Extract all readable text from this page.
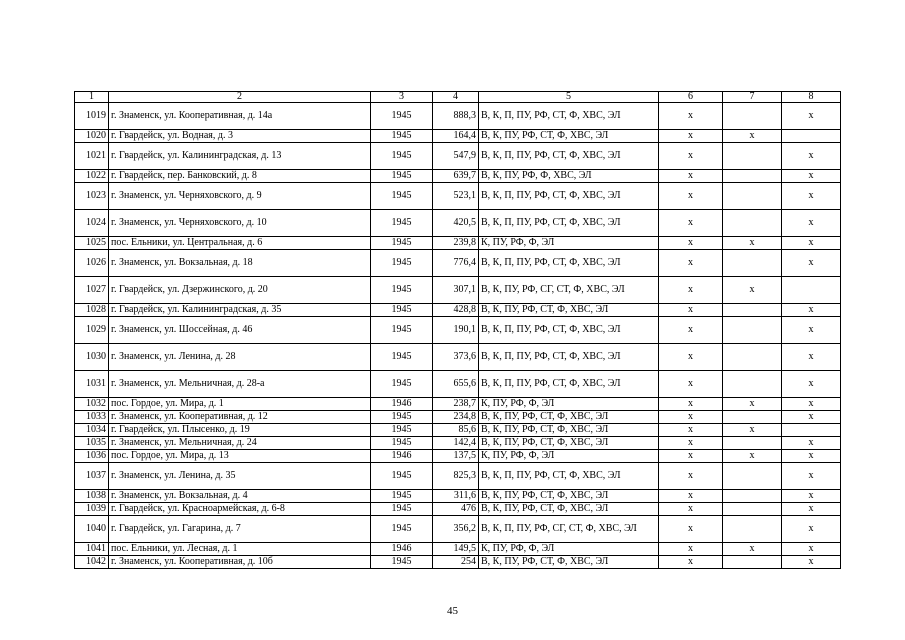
1	2	3	4	5	6	7	8
1019	г. Знаменск, ул. Кооперативная, д. 14а	1945	888,3	В, К, П, ПУ, РФ, СТ, Ф, ХВС, ЭЛ	х		х
1020	г. Гвардейск, ул. Водная, д. 3	1945	164,4	В, К, ПУ, РФ, СТ, Ф, ХВС, ЭЛ	х	х	
1021	г. Гвардейск, ул. Калининградская, д. 13	1945	547,9	В, К, П, ПУ, РФ, СТ, Ф, ХВС, ЭЛ	х		х
1022	г. Гвардейск, пер. Банковский, д. 8	1945	639,7	В, К, ПУ, РФ, Ф, ХВС, ЭЛ	х		х
1023	г. Знаменск, ул. Черняховского, д. 9	1945	523,1	В, К, П, ПУ, РФ, СТ, Ф, ХВС, ЭЛ	х		х
1024	г. Знаменск, ул. Черняховского, д. 10	1945	420,5	В, К, П, ПУ, РФ, СТ, Ф, ХВС, ЭЛ	х		х
1025	пос. Ельники, ул. Центральная, д. 6	1945	239,8	К, ПУ, РФ, Ф, ЭЛ	х	х	х
1026	г. Знаменск, ул. Вокзальная, д. 18	1945	776,4	В, К, П, ПУ, РФ, СТ, Ф, ХВС, ЭЛ	х		х
1027	г. Гвардейск, ул. Дзержинского, д. 20	1945	307,1	В, К, ПУ, РФ, СГ, СТ, Ф, ХВС, ЭЛ	х	х	
1028	г. Гвардейск, ул. Калининградская, д. 35	1945	428,8	В, К, ПУ, РФ, СТ, Ф, ХВС, ЭЛ	х		х
1029	г. Знаменск, ул. Шоссейная, д. 46	1945	190,1	В, К, П, ПУ, РФ, СТ, Ф, ХВС, ЭЛ	х		х
1030	г. Знаменск, ул. Ленина, д. 28	1945	373,6	В, К, П, ПУ, РФ, СТ, Ф, ХВС, ЭЛ	х		х
1031	г. Знаменск, ул. Мельничная, д. 28-а	1945	655,6	В, К, П, ПУ, РФ, СТ, Ф, ХВС, ЭЛ	х		х
1032	пос. Гордое, ул. Мира, д. 1	1946	238,7	К, ПУ, РФ, Ф, ЭЛ	х	х	х
1033	г. Знаменск, ул. Кооперативная, д. 12	1945	234,8	В, К, ПУ, РФ, СТ, Ф, ХВС, ЭЛ	х		х
1034	г. Гвардейск, ул. Плысенко, д. 19	1945	85,6	В, К, ПУ, РФ, СТ, Ф, ХВС, ЭЛ	х	х	
1035	г. Знаменск, ул. Мельничная, д. 24	1945	142,4	В, К, ПУ, РФ, СТ, Ф, ХВС, ЭЛ	х		х
1036	пос. Гордое, ул. Мира, д. 13	1946	137,5	К, ПУ, РФ, Ф, ЭЛ	х	х	х
1037	г. Знаменск, ул. Ленина, д. 35	1945	825,3	В, К, П, ПУ, РФ, СТ, Ф, ХВС, ЭЛ	х		х
1038	г. Знаменск, ул. Вокзальная, д. 4	1945	311,6	В, К, ПУ, РФ, СТ, Ф, ХВС, ЭЛ	х		х
1039	г. Гвардейск, ул. Красноармейская, д. 6-8	1945	476	В, К, ПУ, РФ, СТ, Ф, ХВС, ЭЛ	х		х
1040	г. Гвардейск, ул. Гагарина, д. 7	1945	356,2	В, К, П, ПУ, РФ, СГ, СТ, Ф, ХВС, ЭЛ	х		х
1041	пос. Ельники, ул. Лесная, д. 1	1946	149,5	К, ПУ, РФ, Ф, ЭЛ	х	х	х
1042	г. Знаменск, ул. Кооперативная, д. 10б	1945	254	В, К, ПУ, РФ, СТ, Ф, ХВС, ЭЛ	х		х
45
